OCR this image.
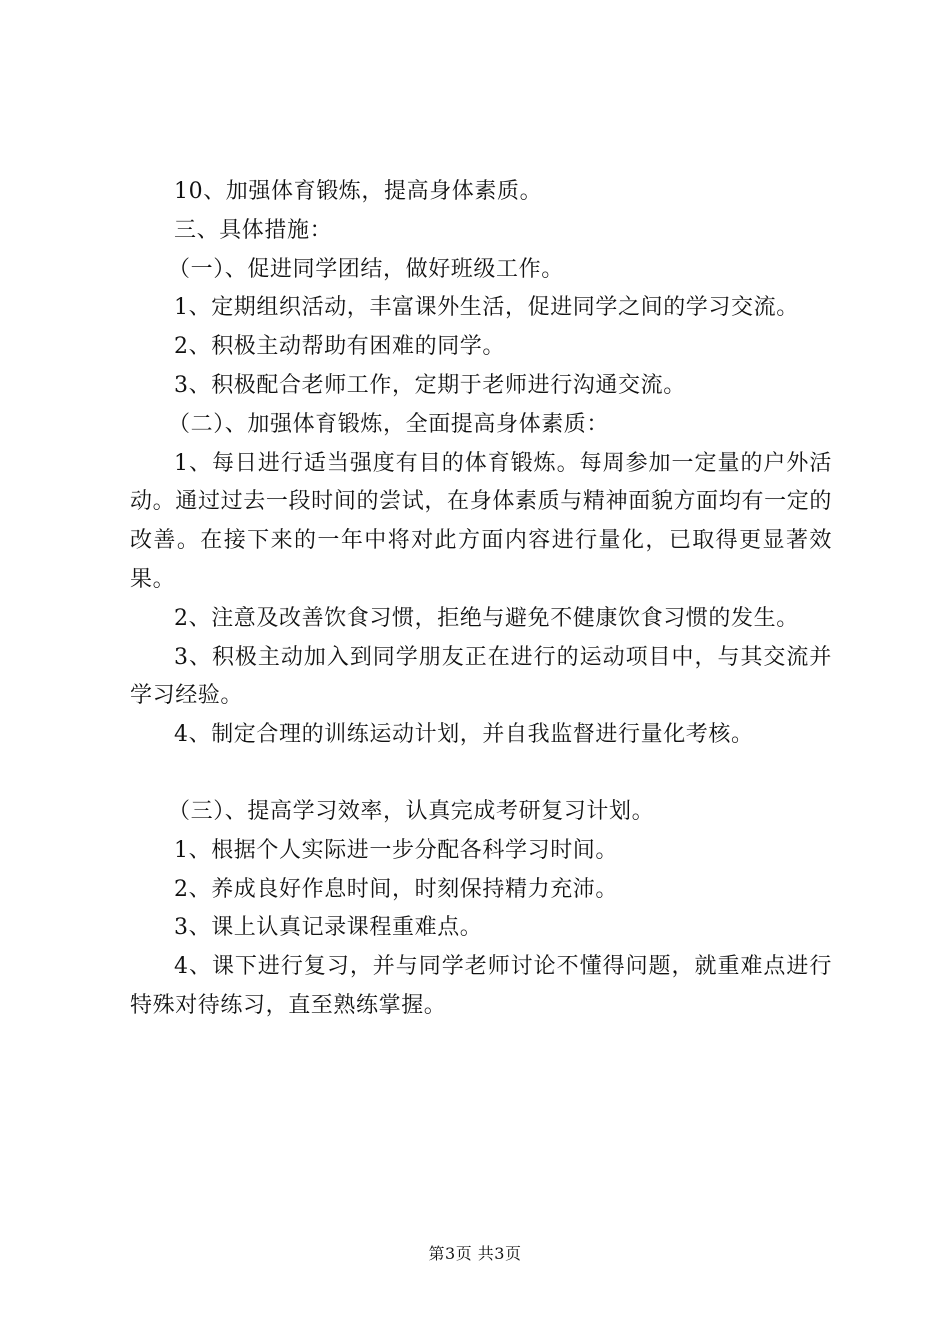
10、加强体育锻炼，提高身体素质。

三、具体措施：

（一）、促进同学团结，做好班级工作。

1、定期组织活动，丰富课外生活，促进同学之间的学习交流。

2、积极主动帮助有困难的同学。

3、积极配合老师工作，定期于老师进行沟通交流。

（二）、加强体育锻炼，全面提高身体素质：

1、每日进行适当强度有目的体育锻炼。每周参加一定量的户外活动。通过过去一段时间的尝试，在身体素质与精神面貌方面均有一定的改善。在接下来的一年中将对此方面内容进行量化，已取得更显著效果。

2、注意及改善饮食习惯，拒绝与避免不健康饮食习惯的发生。

3、积极主动加入到同学朋友正在进行的运动项目中，与其交流并学习经验。

4、制定合理的训练运动计划，并自我监督进行量化考核。

（三）、提高学习效率，认真完成考研复习计划。

1、根据个人实际进一步分配各科学习时间。

2、养成良好作息时间，时刻保持精力充沛。

3、课上认真记录课程重难点。

4、课下进行复习，并与同学老师讨论不懂得问题，就重难点进行特殊对待练习，直至熟练掌握。

第3页 共3页
